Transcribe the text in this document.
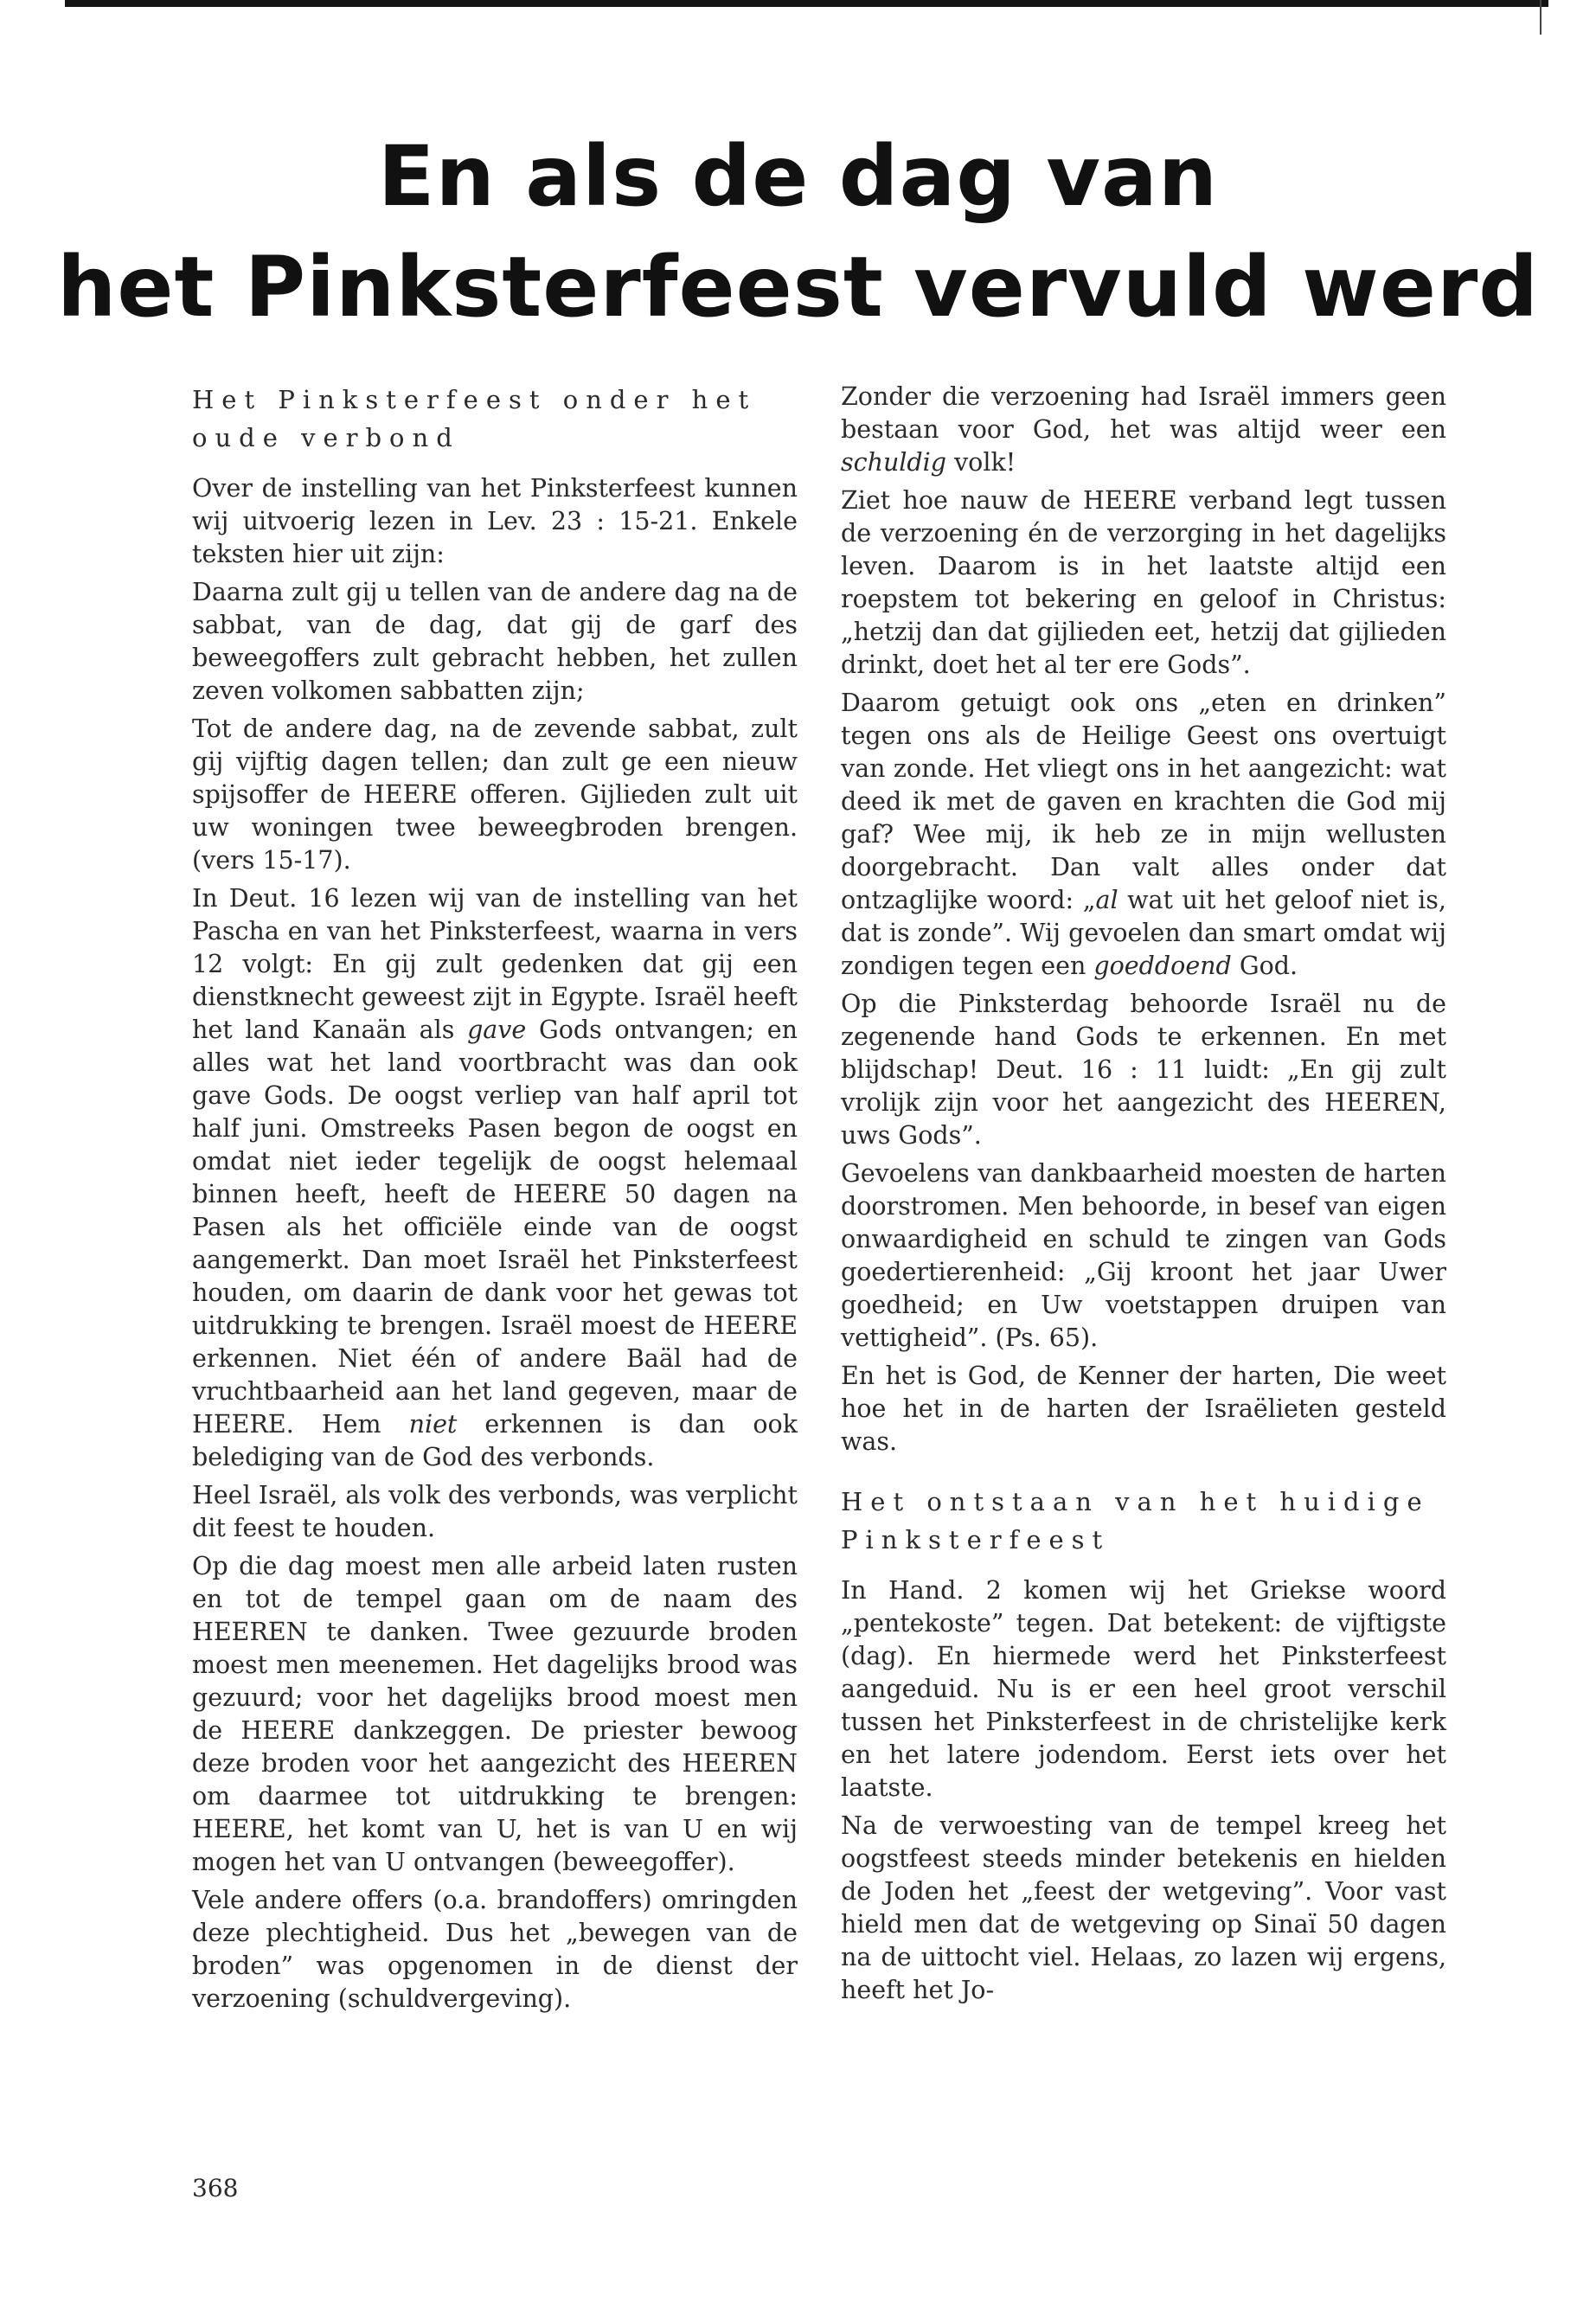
En als de dag van
het Pinksterfeest vervuld werd
Het Pinksterfeest onder het oude verbond

Over de instelling van het Pinksterfeest kunnen wij uitvoerig lezen in Lev. 23 : 15-21. Enkele teksten hier uit zijn:

Daarna zult gij u tellen van de andere dag na de sabbat, van de dag, dat gij de garf des beweegoffers zult gebracht hebben, het zullen zeven volkomen sabbatten zijn;

Tot de andere dag, na de zevende sabbat, zult gij vijftig dagen tellen; dan zult ge een nieuw spijsoffer de HEERE offeren. Gijlieden zult uit uw woningen twee beweegbroden brengen. (vers 15-17).

In Deut. 16 lezen wij van de instelling van het Pascha en van het Pinksterfeest, waarna in vers 12 volgt: En gij zult gedenken dat gij een dienstknecht geweest zijt in Egypte. Israël heeft het land Kanaän als gave Gods ontvangen; en alles wat het land voortbracht was dan ook gave Gods. De oogst verliep van half april tot half juni. Omstreeks Pasen begon de oogst en omdat niet ieder tegelijk de oogst helemaal binnen heeft, heeft de HEERE 50 dagen na Pasen als het officiële einde van de oogst aangemerkt. Dan moet Israël het Pinksterfeest houden, om daarin de dank voor het gewas tot uitdrukking te brengen. Israël moest de HEERE erkennen. Niet één of andere Baäl had de vruchtbaarheid aan het land gegeven, maar de HEERE. Hem niet erkennen is dan ook belediging van de God des verbonds.

Heel Israël, als volk des verbonds, was verplicht dit feest te houden.

Op die dag moest men alle arbeid laten rusten en tot de tempel gaan om de naam des HEEREN te danken. Twee gezuurde broden moest men meenemen. Het dagelijks brood was gezuurd; voor het dagelijks brood moest men de HEERE dankzeggen. De priester bewoog deze broden voor het aangezicht des HEEREN om daarmee tot uitdrukking te brengen: HEERE, het komt van U, het is van U en wij mogen het van U ontvangen (beweegoffer).

Vele andere offers (o.a. brandoffers) omringden deze plechtigheid. Dus het „bewegen van de broden” was opgenomen in de dienst der verzoening (schuldvergeving).

Zonder die verzoening had Israël immers geen bestaan voor God, het was altijd weer een schuldig volk!

Ziet hoe nauw de HEERE verband legt tussen de verzoening én de verzorging in het dagelijks leven. Daarom is in het laatste altijd een roepstem tot bekering en geloof in Christus: „hetzij dan dat gijlieden eet, hetzij dat gijlieden drinkt, doet het al ter ere Gods”.

Daarom getuigt ook ons „eten en drinken” tegen ons als de Heilige Geest ons overtuigt van zonde. Het vliegt ons in het aangezicht: wat deed ik met de gaven en krachten die God mij gaf? Wee mij, ik heb ze in mijn wellusten doorgebracht. Dan valt alles onder dat ontzaglijke woord: „al wat uit het geloof niet is, dat is zonde”. Wij gevoelen dan smart omdat wij zondigen tegen een goeddoend God.

Op die Pinksterdag behoorde Israël nu de zegenende hand Gods te erkennen. En met blijdschap! Deut. 16 : 11 luidt: „En gij zult vrolijk zijn voor het aangezicht des HEEREN, uws Gods”.

Gevoelens van dankbaarheid moesten de harten doorstromen. Men behoorde, in besef van eigen onwaardigheid en schuld te zingen van Gods goedertierenheid: „Gij kroont het jaar Uwer goedheid; en Uw voetstappen druipen van vettigheid”. (Ps. 65).

En het is God, de Kenner der harten, Die weet hoe het in de harten der Israëlieten gesteld was.

Het ontstaan van het huidige Pinksterfeest

In Hand. 2 komen wij het Griekse woord „pentekoste” tegen. Dat betekent: de vijftigste (dag). En hiermede werd het Pinksterfeest aangeduid. Nu is er een heel groot verschil tussen het Pinksterfeest in de christelijke kerk en het latere jodendom. Eerst iets over het laatste.

Na de verwoesting van de tempel kreeg het oogstfeest steeds minder betekenis en hielden de Joden het „feest der wetgeving”. Voor vast hield men dat de wetgeving op Sinaï 50 dagen na de uittocht viel. Helaas, zo lazen wij ergens, heeft het Jo-

368
